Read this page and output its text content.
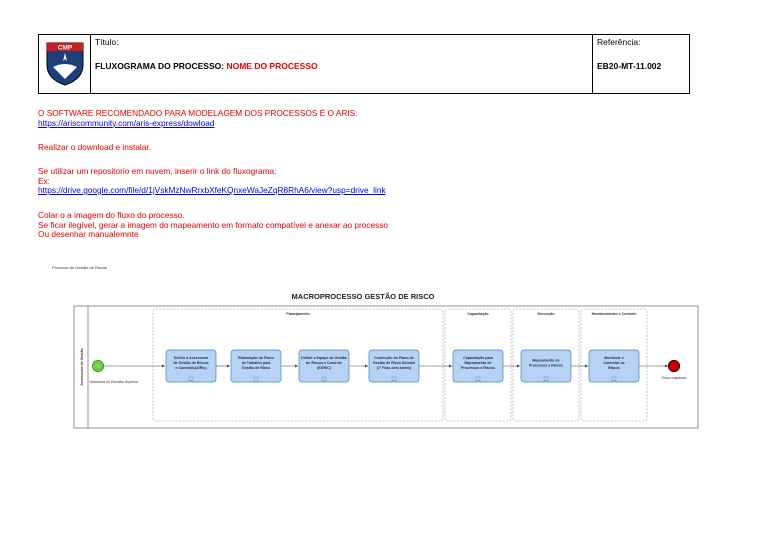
CMP
Título:
FLUXOGRAMA DO PROCESSO: NOME DO PROCESSO
Referência:
EB20-MT-11.002
O SOFTWARE RECOMENDADO PARA MODELAGEM DOS PROCESSOS É O ARIS:
https://ariscommunity.com/aris-express/dowload
Realizar o download e instalar.
Se utilizar um repositorio em nuvem, inserir o link do fluxograma:
Ex:
https://drive.google.com/file/d/1jVskMzNwRrxbXfeKQnxeWaJeZqR8RhA6/view?usp=drive_link
Colar o a imagem do fluxo do processo.
Se ficar ilegível, gerar a imagem do mapeamento em formato compatível e anexar ao processo
Ou desenhar manualemnte
Processo de Gestão de Riscos
MACROPROCESSO GESTÃO DE RISCO
Assessoria de Gestão
Planejamento	Capacitação	Execução	Monitoramento e Controle
Demanda do Escalão Superior
Risco mapeado
Definir a Assessoria
de Gestão de Riscos
e Controle(AGRic)
Elaboração do Plano
de Trabalho para
Gestão de Risco
Definir a Equipe de Gestão
de Riscos e Controle
(EGRIC)
Confecção do Plano de
Gestão de Risco Setorial
(1ª Fase-sem anexo)
Capacitação para
Mapeamento de
Processos e Riscos
Mapeamento de
Processos e Riscos
Monitorar e
Controlar os
Riscos
